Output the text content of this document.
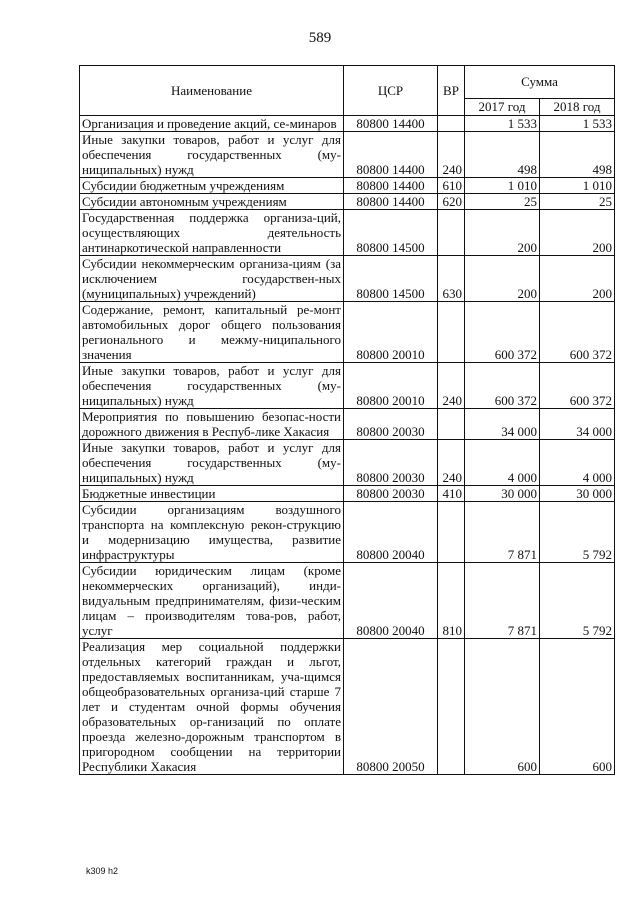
589
Наименование	ЦСР	ВР	Сумма	
			2017 год	2018 год
Организация и проведение акций, се-минаров	80800 14400		1 533	1 533
Иные закупки товаров, работ и услуг для обеспечения государственных (му-ниципальных) нужд	80800 14400	240	498	498
Субсидии бюджетным учреждениям	80800 14400	610	1 010	1 010
Субсидии автономным учреждениям	80800 14400	620	25	25
Государственная поддержка организа-ций, осуществляющих деятельность антинаркотической направленности	80800 14500		200	200
Субсидии некоммерческим организа-циям (за исключением государствен-ных (муниципальных) учреждений)	80800 14500	630	200	200
Содержание, ремонт, капитальный ре-монт автомобильных дорог общего пользования регионального и межму-ниципального значения	80800 20010		600 372	600 372
Иные закупки товаров, работ и услуг для обеспечения государственных (му-ниципальных) нужд	80800 20010	240	600 372	600 372
Мероприятия по повышению безопас-ности дорожного движения в Респуб-лике Хакасия	80800 20030		34 000	34 000
Иные закупки товаров, работ и услуг для обеспечения государственных (му-ниципальных) нужд	80800 20030	240	4 000	4 000
Бюджетные инвестиции	80800 20030	410	30 000	30 000
Субсидии организациям воздушного транспорта на комплексную рекон-струкцию и модернизацию имущества, развитие инфраструктуры	80800 20040		7 871	5 792
Субсидии юридическим лицам (кроме некоммерческих организаций), инди-видуальным предпринимателям, физи-ческим лицам – производителям това-ров, работ, услуг	80800 20040	810	7 871	5 792
Реализация мер социальной поддержки отдельных категорий граждан и льгот, предоставляемых воспитанникам, уча-щимся общеобразовательных организа-ций старше 7 лет и студентам очной формы обучения образовательных ор-ганизаций по оплате проезда железно-дорожным транспортом в пригородном сообщении на территории Республики Хакасия	80800 20050		600	600
k309 h2
